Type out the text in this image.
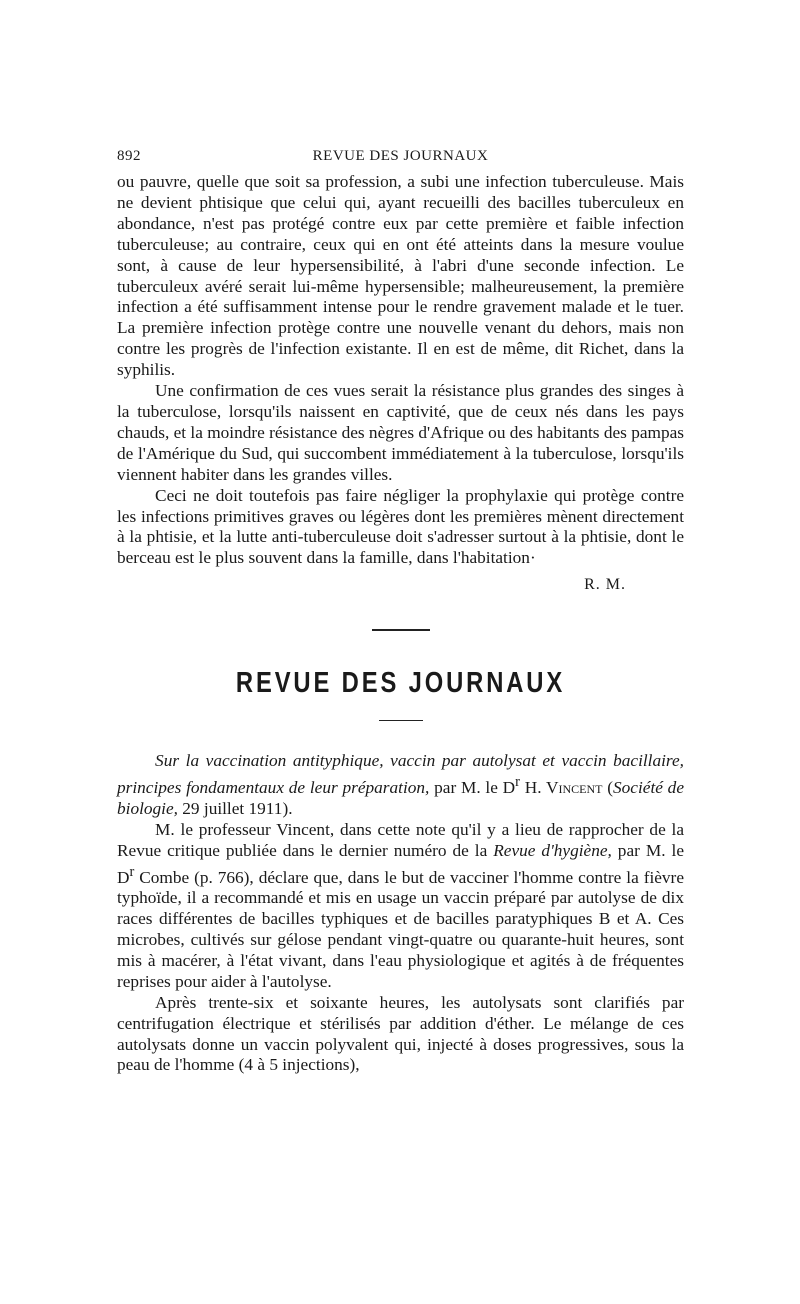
892	REVUE DES JOURNAUX

ou pauvre, quelle que soit sa profession, a subi une infection tuberculeuse. Mais ne devient phtisique que celui qui, ayant recueilli des bacilles tuberculeux en abondance, n'est pas protégé contre eux par cette première et faible infection tuberculeuse; au contraire, ceux qui en ont été atteints dans la mesure voulue sont, à cause de leur hypersensibilité, à l'abri d'une seconde infection. Le tuberculeux avéré serait lui-même hypersensible; malheureusement, la première infection a été suffisamment intense pour le rendre gravement malade et le tuer. La première infection protège contre une nouvelle venant du dehors, mais non contre les progrès de l'infection existante. Il en est de même, dit Richet, dans la syphilis.

Une confirmation de ces vues serait la résistance plus grandes des singes à la tuberculose, lorsqu'ils naissent en captivité, que de ceux nés dans les pays chauds, et la moindre résistance des nègres d'Afrique ou des habitants des pampas de l'Amérique du Sud, qui succombent immédiatement à la tuberculose, lorsqu'ils viennent habiter dans les grandes villes.

Ceci ne doit toutefois pas faire négliger la prophylaxie qui protège contre les infections primitives graves ou légères dont les premières mènent directement à la phtisie, et la lutte anti-tuberculeuse doit s'adresser surtout à la phtisie, dont le berceau est le plus souvent dans la famille, dans l'habitation·

R. M.
REVUE DES JOURNAUX

Sur la vaccination antityphique, vaccin par autolysat et vaccin bacillaire, principes fondamentaux de leur préparation, par M. le $D^r$ H. Vincent (Société de biologie, 29 juillet 1911).

M. le professeur Vincent, dans cette note qu'il y a lieu de rapprocher de la Revue critique publiée dans le dernier numéro de la Revue d'hygiène, par M. le $D^r$ Combe (p. 766), déclare que, dans le but de vacciner l'homme contre la fièvre typhoïde, il a recommandé et mis en usage un vaccin préparé par autolyse de dix races différentes de bacilles typhiques et de bacilles paratyphiques B et A. Ces microbes, cultivés sur gélose pendant vingt-quatre ou quarante-huit heures, sont mis à macérer, à l'état vivant, dans l'eau physiologique et agités à de fréquentes reprises pour aider à l'autolyse.

Après trente-six et soixante heures, les autolysats sont clarifiés par centrifugation électrique et stérilisés par addition d'éther. Le mélange de ces autolysats donne un vaccin polyvalent qui, injecté à doses progressives, sous la peau de l'homme (4 à 5 injections),
